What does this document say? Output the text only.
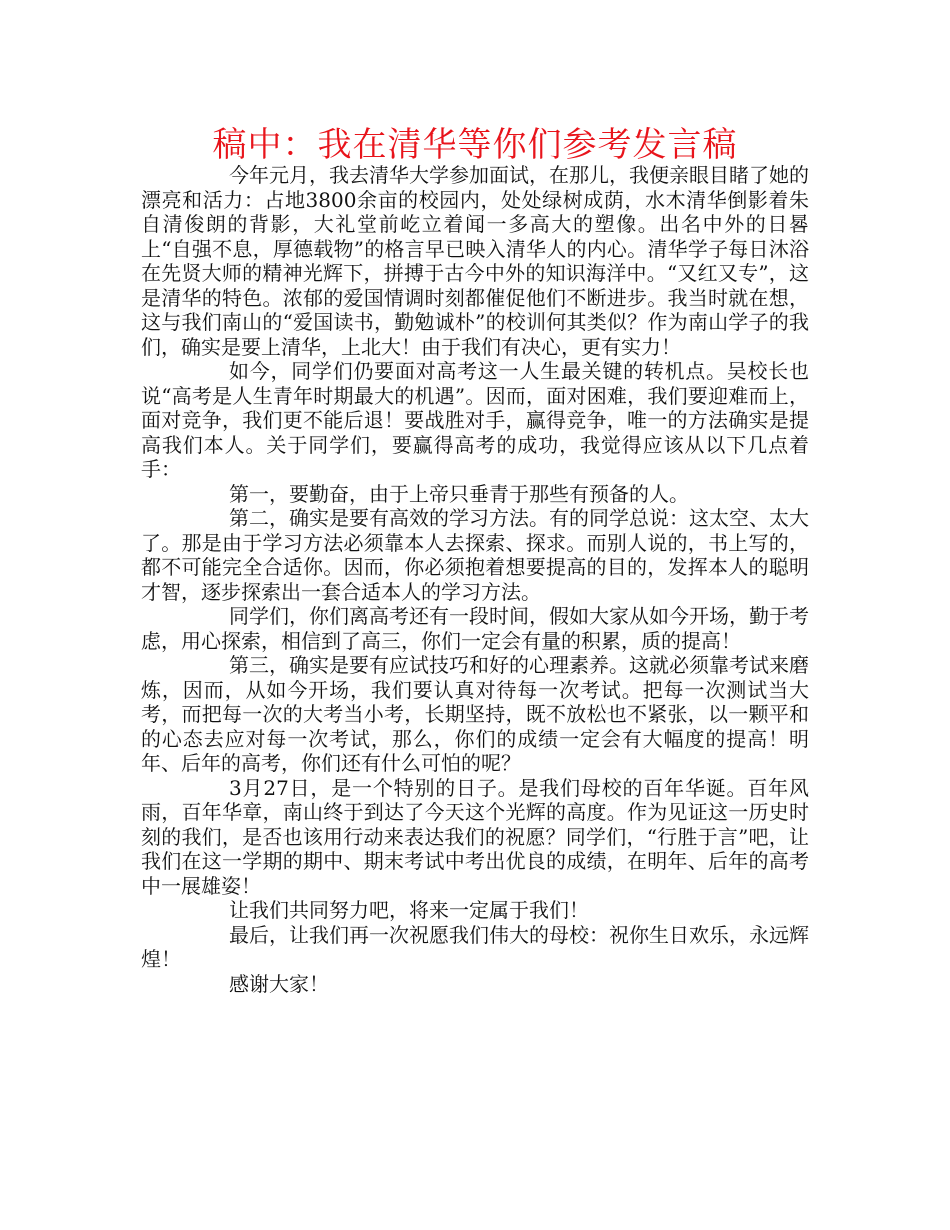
稿中：我在清华等你们参考发言稿

今年元月，我去清华大学参加面试，在那儿，我便亲眼目睹了她的漂亮和活力：占地3800余亩的校园内，处处绿树成荫，水木清华倒影着朱自清俊朗的背影，大礼堂前屹立着闻一多高大的塑像。出名中外的日晷上“自强不息，厚德载物”的格言早已映入清华人的内心。清华学子每日沐浴在先贤大师的精神光辉下，拼搏于古今中外的知识海洋中。“又红又专”，这是清华的特色。浓郁的爱国情调时刻都催促他们不断进步。我当时就在想，这与我们南山的“爱国读书，勤勉诚朴”的校训何其类似？作为南山学子的我们，确实是要上清华，上北大！由于我们有决心，更有实力！

如今，同学们仍要面对高考这一人生最关键的转机点。吴校长也说“高考是人生青年时期最大的机遇”。因而，面对困难，我们要迎难而上，面对竞争，我们更不能后退！要战胜对手，赢得竞争，唯一的方法确实是提高我们本人。关于同学们，要赢得高考的成功，我觉得应该从以下几点着手：

第一，要勤奋，由于上帝只垂青于那些有预备的人。

第二，确实是要有高效的学习方法。有的同学总说：这太空、太大了。那是由于学习方法必须靠本人去探索、探求。而别人说的，书上写的，都不可能完全合适你。因而，你必须抱着想要提高的目的，发挥本人的聪明才智，逐步探索出一套合适本人的学习方法。

同学们，你们离高考还有一段时间，假如大家从如今开场，勤于考虑，用心探索，相信到了高三，你们一定会有量的积累，质的提高！

第三，确实是要有应试技巧和好的心理素养。这就必须靠考试来磨炼，因而，从如今开场，我们要认真对待每一次考试。把每一次测试当大考，而把每一次的大考当小考，长期坚持，既不放松也不紧张，以一颗平和的心态去应对每一次考试，那么，你们的成绩一定会有大幅度的提高！明年、后年的高考，你们还有什么可怕的呢？

3月27日，是一个特别的日子。是我们母校的百年华诞。百年风雨，百年华章，南山终于到达了今天这个光辉的高度。作为见证这一历史时刻的我们，是否也该用行动来表达我们的祝愿？同学们，“行胜于言”吧，让我们在这一学期的期中、期末考试中考出优良的成绩，在明年、后年的高考中一展雄姿！

让我们共同努力吧，将来一定属于我们！

最后，让我们再一次祝愿我们伟大的母校：祝你生日欢乐，永远辉煌！

感谢大家！
